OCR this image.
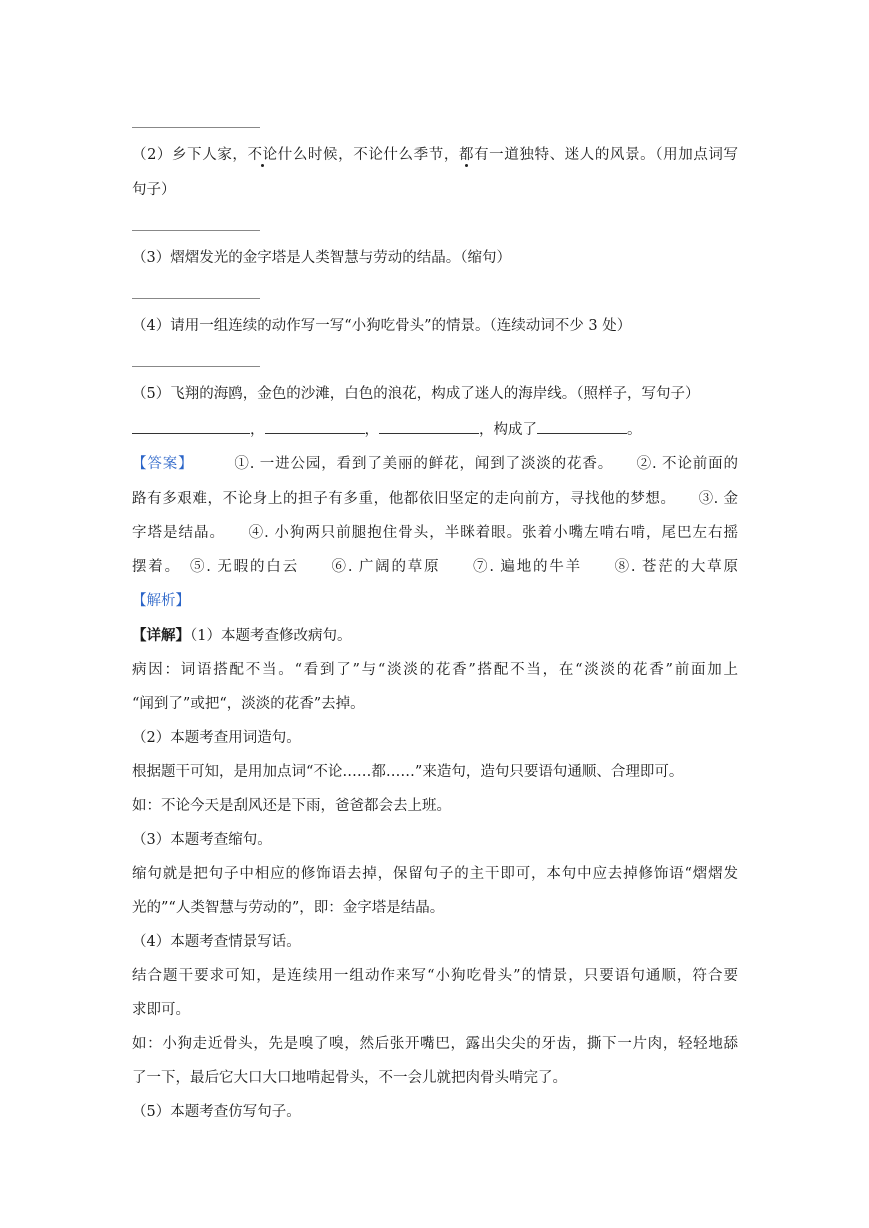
（2）乡下人家，不论什么时候，不论什么季节，都有一道独特、迷人的风景。（用加点词写
句子）
（3）熠熠发光的金字塔是人类智慧与劳动的结晶。（缩句）
（4）请用一组连续的动作写一写“小狗吃骨头”的情景。（连续动词不少 3 处）
（5）飞翔的海鸥，金色的沙滩，白色的浪花，构成了迷人的海岸线。（照样子，写句子）
，	，	，构成了	。
【答案】	①. 一进公园，看到了美丽的鲜花，闻到了淡淡的花香。　　②. 不论前面的
路有多艰难，不论身上的担子有多重，他都依旧坚定的走向前方，寻找他的梦想。　　③. 金
字塔是结晶。　　④. 小狗两只前腿抱住骨头，半眯着眼。张着小嘴左啃右啃，尾巴左右摇
摆着。　⑤. 无暇的白云　　⑥. 广阔的草原　　⑦. 遍地的牛羊　　⑧. 苍茫的大草原
【解析】
【详解】（1）本题考查修改病句。
病因：词语搭配不当。“看到了”与“淡淡的花香”搭配不当，在“淡淡的花香”前面加上
“闻到了”或把“，淡淡的花香”去掉。
（2）本题考查用词造句。
根据题干可知，是用加点词“不论……都……”来造句，造句只要语句通顺、合理即可。
如：不论今天是刮风还是下雨，爸爸都会去上班。
（3）本题考查缩句。
缩句就是把句子中相应的修饰语去掉，保留句子的主干即可，本句中应去掉修饰语“熠熠发
光的”“人类智慧与劳动的”，即：金字塔是结晶。
（4）本题考查情景写话。
结合题干要求可知，是连续用一组动作来写“小狗吃骨头”的情景，只要语句通顺，符合要
求即可。
如：小狗走近骨头，先是嗅了嗅，然后张开嘴巴，露出尖尖的牙齿，撕下一片肉，轻轻地舔
了一下，最后它大口大口地啃起骨头，不一会儿就把肉骨头啃完了。
（5）本题考查仿写句子。
